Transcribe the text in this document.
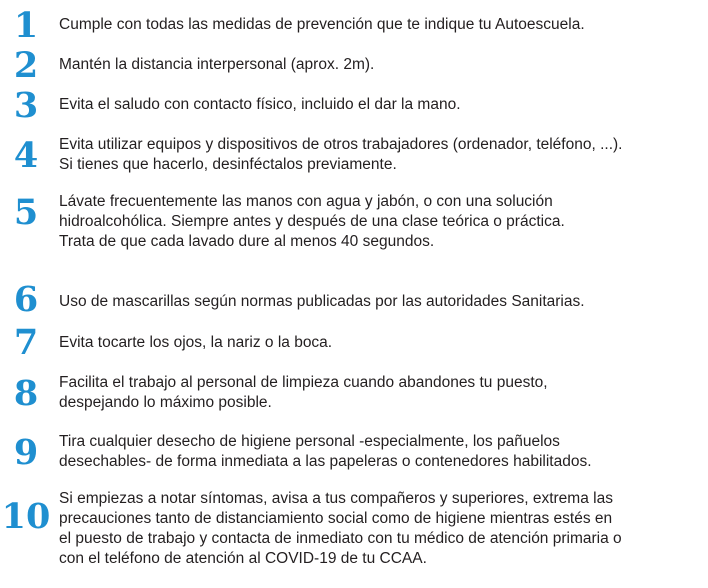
1	Cumple con todas las medidas de prevención que te indique tu Autoescuela.
2	Mantén la distancia interpersonal (aprox. 2m).
3	Evita el saludo con contacto físico, incluido el dar la mano.
4	Evita utilizar equipos y dispositivos de otros trabajadores (ordenador, teléfono, ...).
Si tienes que hacerlo, desinféctalos previamente.
5	Lávate frecuentemente las manos con agua y jabón, o con una solución
hidroalcohólica. Siempre antes y después de una clase teórica o práctica.
Trata de que cada lavado dure al menos 40 segundos.
6	Uso de mascarillas según normas publicadas por las autoridades Sanitarias.
7	Evita tocarte los ojos, la nariz o la boca.
8	Facilita el trabajo al personal de limpieza cuando abandones tu puesto,
despejando lo máximo posible.
9	Tira cualquier desecho de higiene personal -especialmente, los pañuelos
desechables- de forma inmediata a las papeleras o contenedores habilitados.
10 Si empiezas a notar síntomas, avisa a tus compañeros y superiores, extrema las
precauciones tanto de distanciamiento social como de higiene mientras estés en
el puesto de trabajo y contacta de inmediato con tu médico de atención primaria o
con el teléfono de atención al COVID-19 de tu CCAA.
